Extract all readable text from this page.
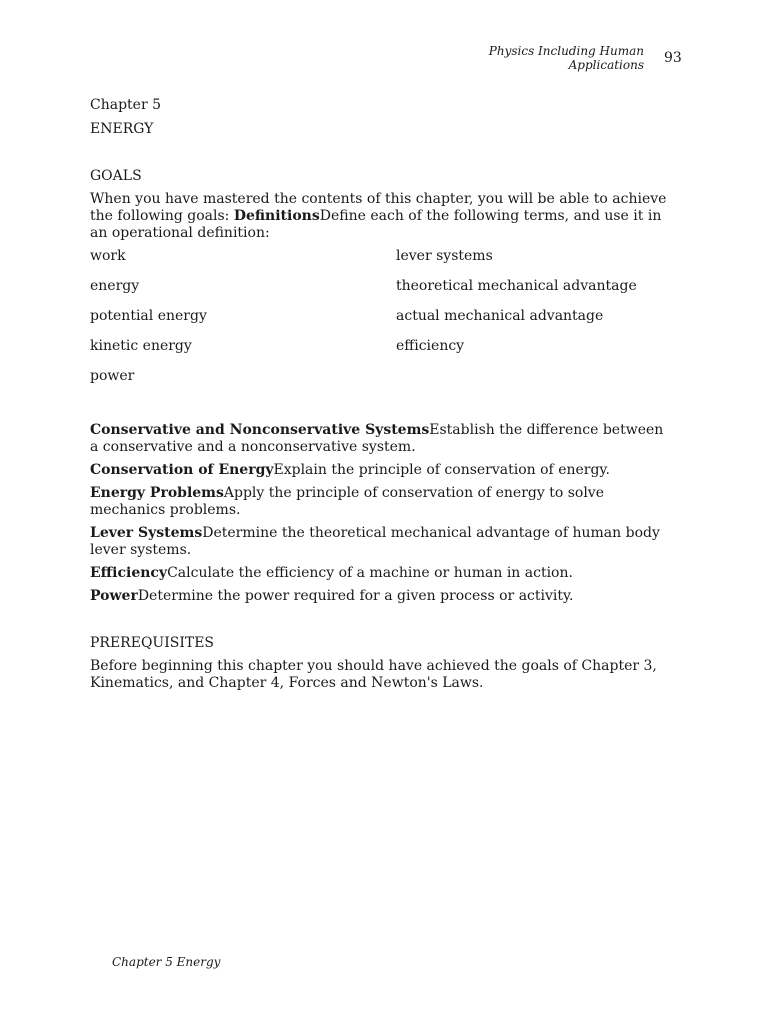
Physics Including Human Applications 93
Chapter 5
ENERGY
GOALS

When you have mastered the contents of this chapter, you will be able to achieve the following goals: DefinitionsDefine each of the following terms, and use it in an operational definition:

work	lever systems
energy	theoretical mechanical advantage
potential energy	actual mechanical advantage
kinetic energy	efficiency
power

Conservative and Nonconservative SystemsEstablish the difference between a conservative and a nonconservative system.

Conservation of EnergyExplain the principle of conservation of energy.

Energy ProblemsApply the principle of conservation of energy to solve mechanics problems.

Lever SystemsDetermine the theoretical mechanical advantage of human body lever systems.

EfficiencyCalculate the efficiency of a machine or human in action.

PowerDetermine the power required for a given process or activity.

PREREQUISITES

Before beginning this chapter you should have achieved the goals of Chapter 3, Kinematics, and Chapter 4, Forces and Newton's Laws.

Chapter 5 Energy
